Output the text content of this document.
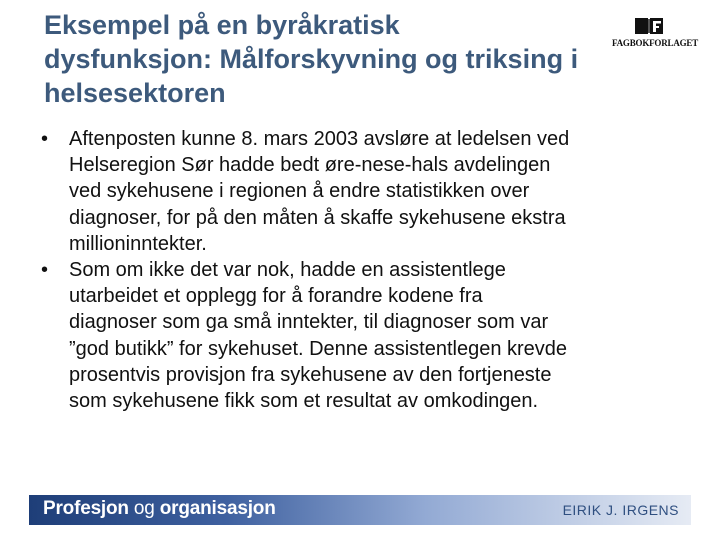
Eksempel på en byråkratisk
dysfunksjon: Målforskyvning og triksing i
helsesektoren
FAGBOKFORLAGET
• Aftenposten kunne 8. mars 2003 avsløre at ledelsen ved
Helseregion Sør hadde bedt øre-nese-hals avdelingen
ved sykehusene i regionen å endre statistikken over
diagnoser, for på den måten å skaffe sykehusene ekstra
millioninntekter.
• Som om ikke det var nok, hadde en assistentlege
utarbeidet et opplegg for å forandre kodene fra
diagnoser som ga små inntekter, til diagnoser som var
”god butikk” for sykehuset. Denne assistentlegen krevde
prosentvis provisjon fra sykehusene av den fortjeneste
som sykehusene fikk som et resultat av omkodingen.
Profesjon og organisasjon	EIRIK J. IRGENS
